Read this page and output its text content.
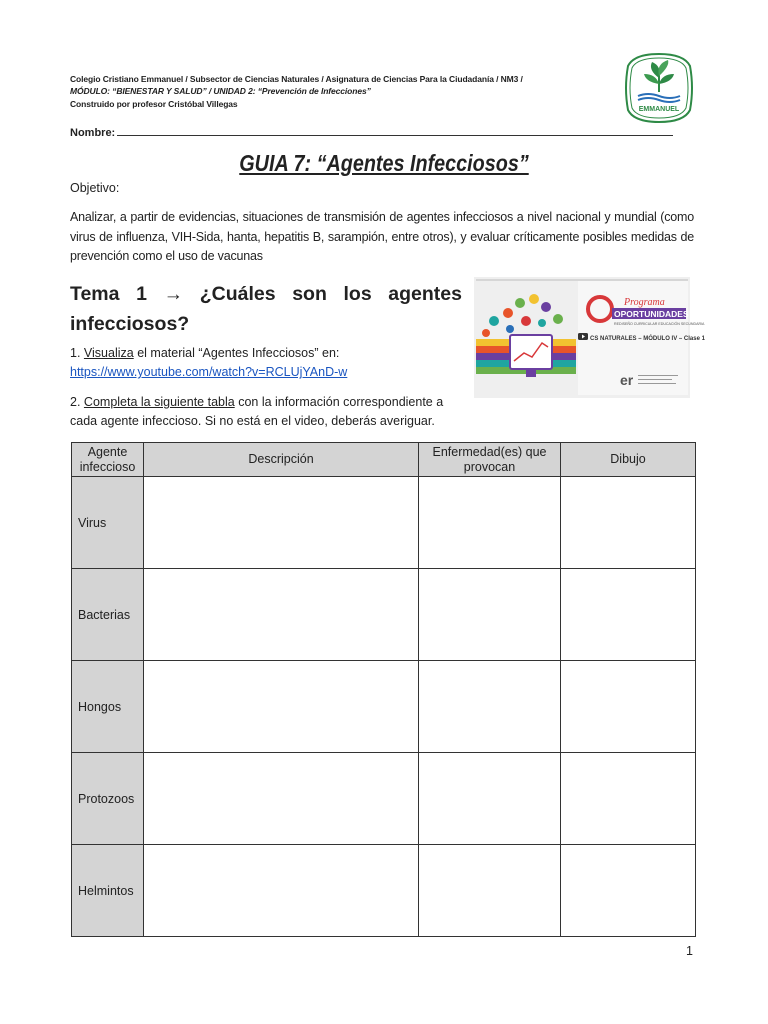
Colegio Cristiano Emmanuel / Subsector de Ciencias Naturales / Asignatura de Ciencias Para la Ciudadanía / NM3 /
MÓDULO: “BIENESTAR Y SALUD” / UNIDAD 2: “Prevención de Infecciones”
Construido por profesor Cristóbal Villegas
EMMANUEL
Nombre:
GUIA 7: “Agentes Infecciosos”
Objetivo:
Analizar, a partir de evidencias, situaciones de transmisión de agentes infecciosos a nivel nacional y mundial (como virus de influenza, VIH-Sida, hanta, hepatitis B, sarampión, entre otros), y evaluar críticamente posibles medidas de prevención como el uso de vacunas
Tema 1 → ¿Cuáles son los agentes infecciosos?
1. Visualiza el material “Agentes Infecciosos” en:
https://www.youtube.com/watch?v=RCLUjYAnD-w
2. Completa la siguiente tabla con la información correspondiente a cada agente infeccioso. Si no está en el video, deberás averiguar.
Programa
OPORTUNIDADES
REDISEÑO CURRICULAR EDUCACIÓN SECUNDARIA
CS NATURALES – MÓDULO IV – Clase 1
er
Agente infeccioso	Descripción	Enfermedad(es) que provocan	Dibujo
Virus			
Bacterias			
Hongos			
Protozoos			
Helmintos			
1
